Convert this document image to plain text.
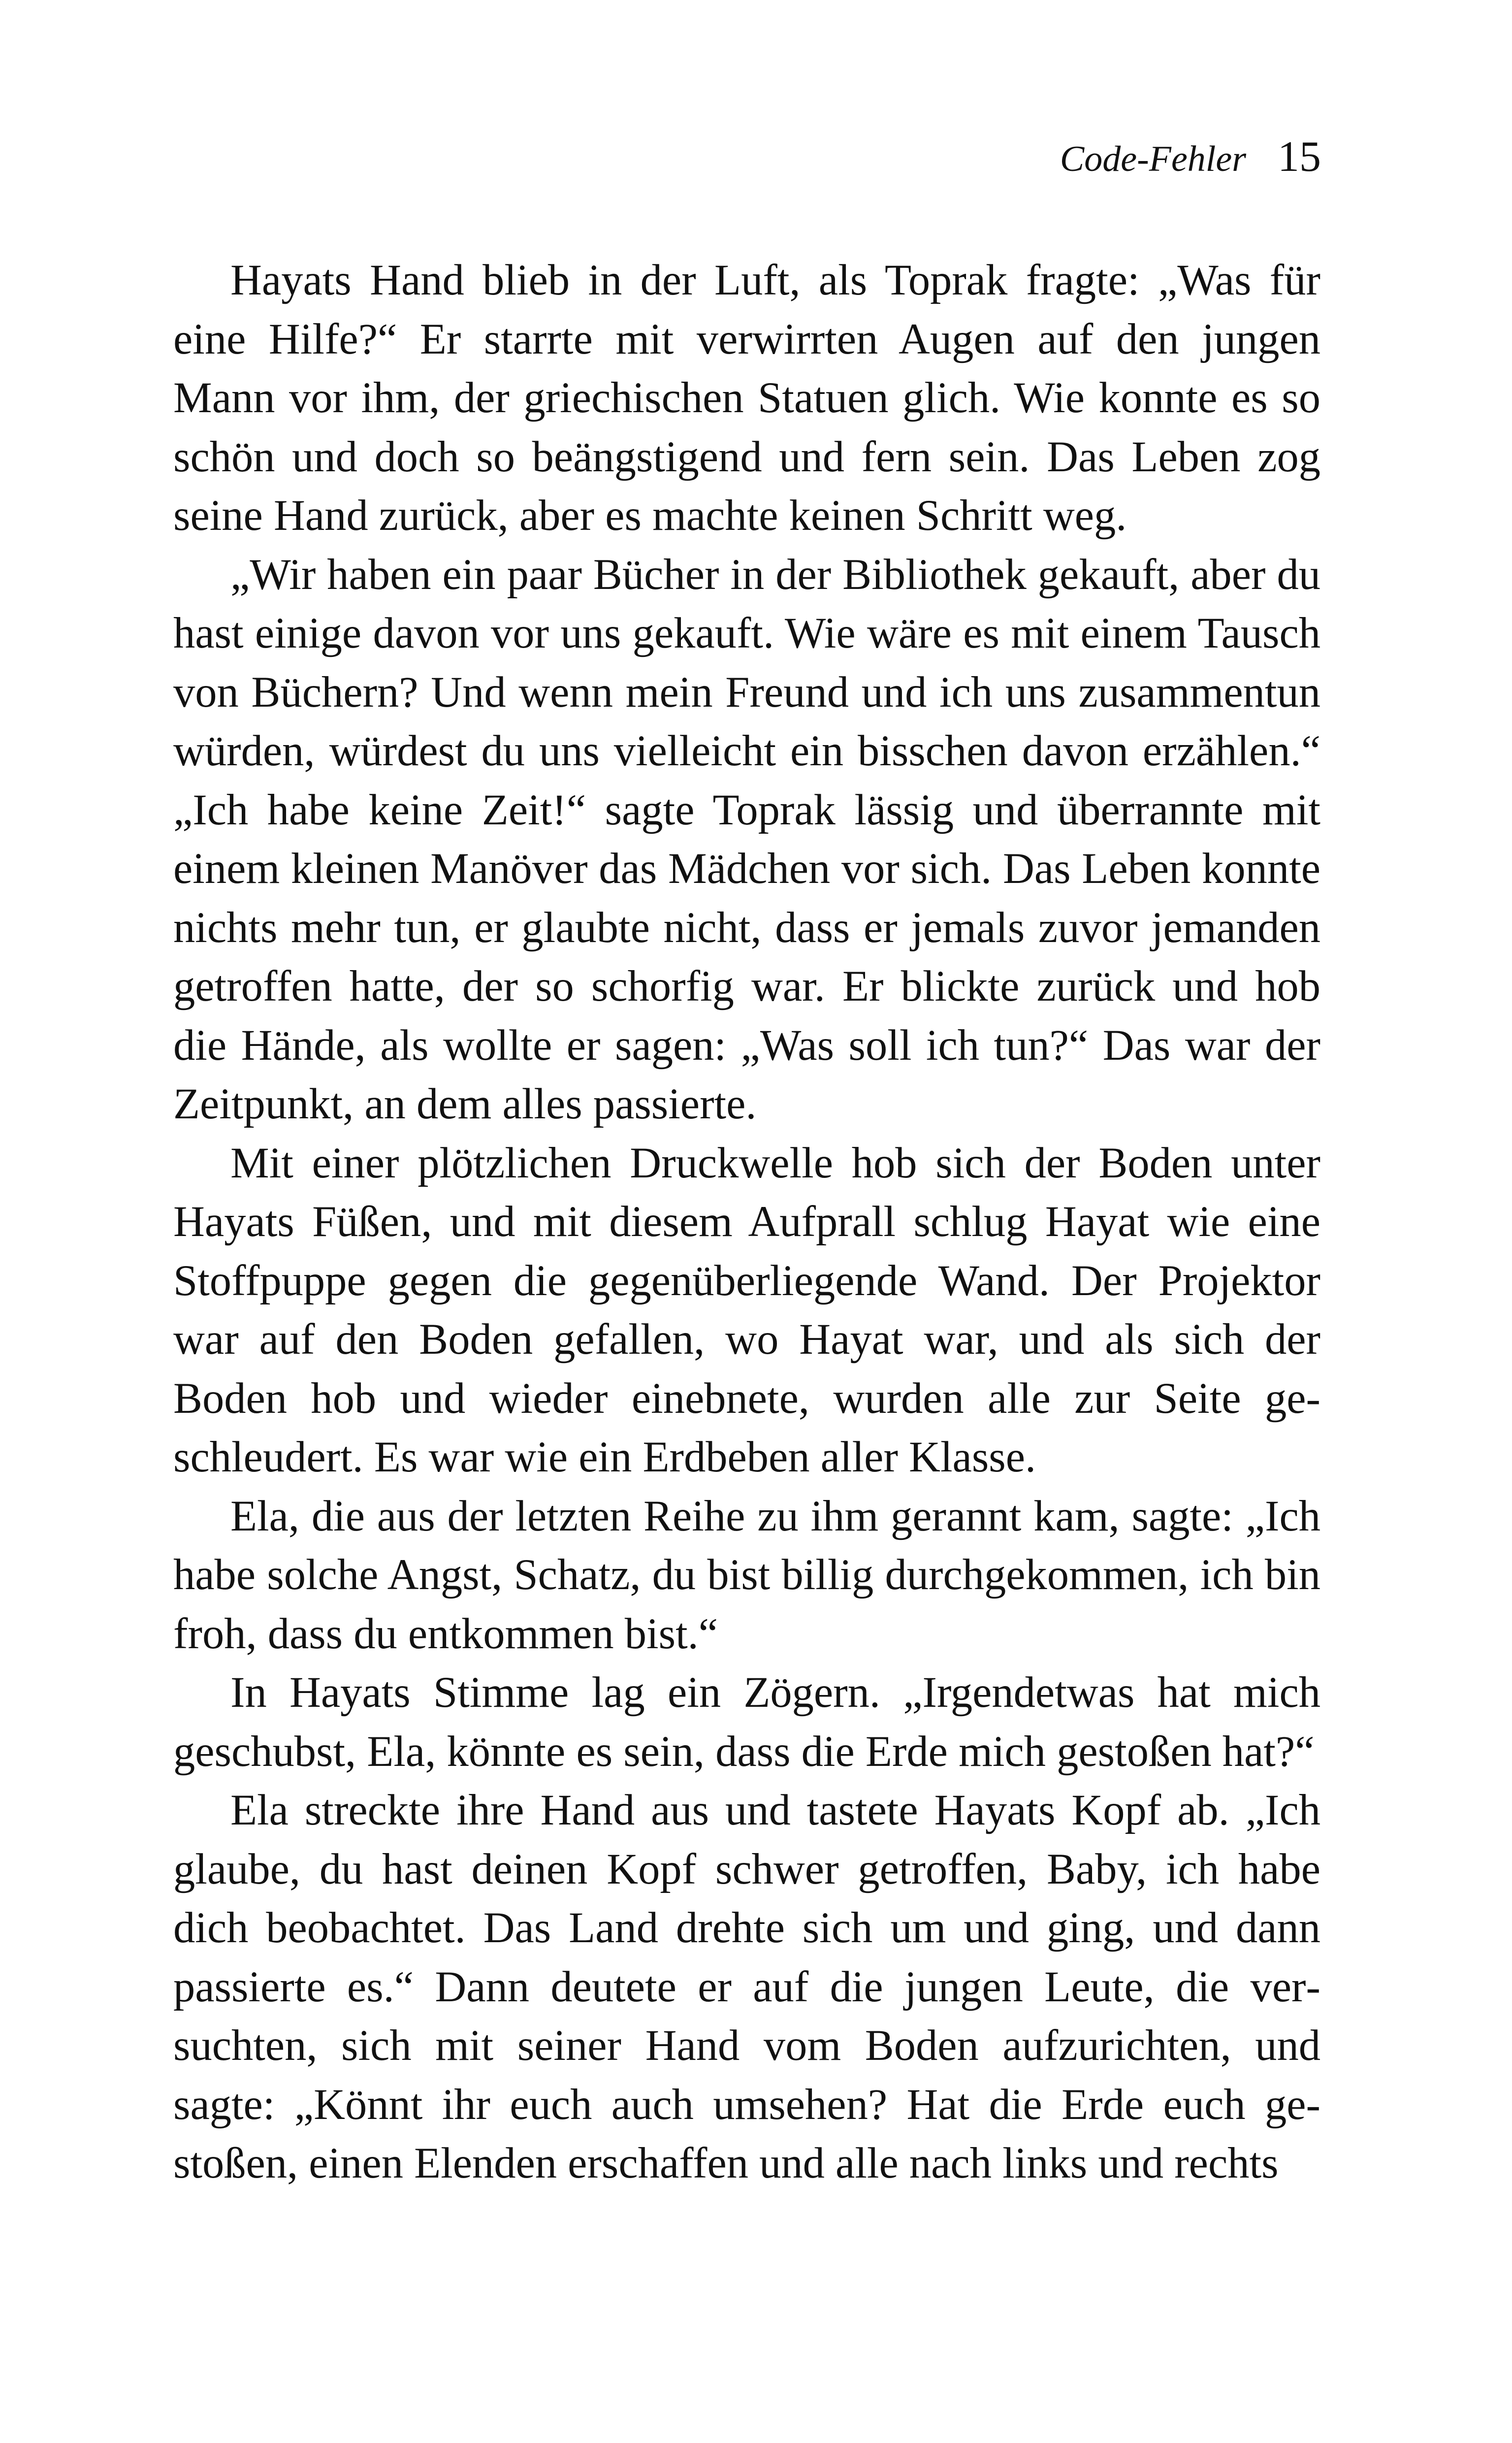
Code-Fehler 15

Hayats Hand blieb in der Luft, als Toprak fragte: „Was für eine Hilfe?“ Er starrte mit verwirrten Augen auf den jungen Mann vor ihm, der griechischen Statuen glich. Wie konnte es so schön und doch so beängstigend und fern sein. Das Leben zog seine Hand zurück, aber es machte keinen Schritt weg.

„Wir haben ein paar Bücher in der Bibliothek gekauft, aber du hast einige davon vor uns gekauft. Wie wäre es mit einem Tausch von Büchern? Und wenn mein Freund und ich uns zusammentun würden, würdest du uns vielleicht ein bisschen davon erzählen.“ „Ich habe keine Zeit!“ sagte Toprak lässig und überrannte mit einem kleinen Manöver das Mädchen vor sich. Das Leben konnte nichts mehr tun, er glaubte nicht, dass er jemals zuvor jemanden getroffen hatte, der so schorfig war. Er blickte zurück und hob die Hände, als wollte er sagen: „Was soll ich tun?“ Das war der Zeitpunkt, an dem alles passierte.

Mit einer plötzlichen Druckwelle hob sich der Boden unter Hayats Füßen, und mit diesem Aufprall schlug Hayat wie eine Stoffpuppe gegen die gegenüberliegende Wand. Der Projektor war auf den Boden gefallen, wo Hayat war, und als sich der Boden hob und wieder einebnete, wurden alle zur Seite geschleudert. Es war wie ein Erdbeben aller Klasse.

Ela, die aus der letzten Reihe zu ihm gerannt kam, sagte: „Ich habe solche Angst, Schatz, du bist billig durchgekommen, ich bin froh, dass du entkommen bist.“

In Hayats Stimme lag ein Zögern. „Irgendetwas hat mich geschubst, Ela, könnte es sein, dass die Erde mich gestoßen hat?“

Ela streckte ihre Hand aus und tastete Hayats Kopf ab. „Ich glaube, du hast deinen Kopf schwer getroffen, Baby, ich habe dich beobachtet. Das Land drehte sich um und ging, und dann passierte es.“ Dann deutete er auf die jungen Leute, die versuchten, sich mit seiner Hand vom Boden aufzurichten, und sagte: „Könnt ihr euch auch umsehen? Hat die Erde euch gestoßen, einen Elenden erschaffen und alle nach links und rechts
